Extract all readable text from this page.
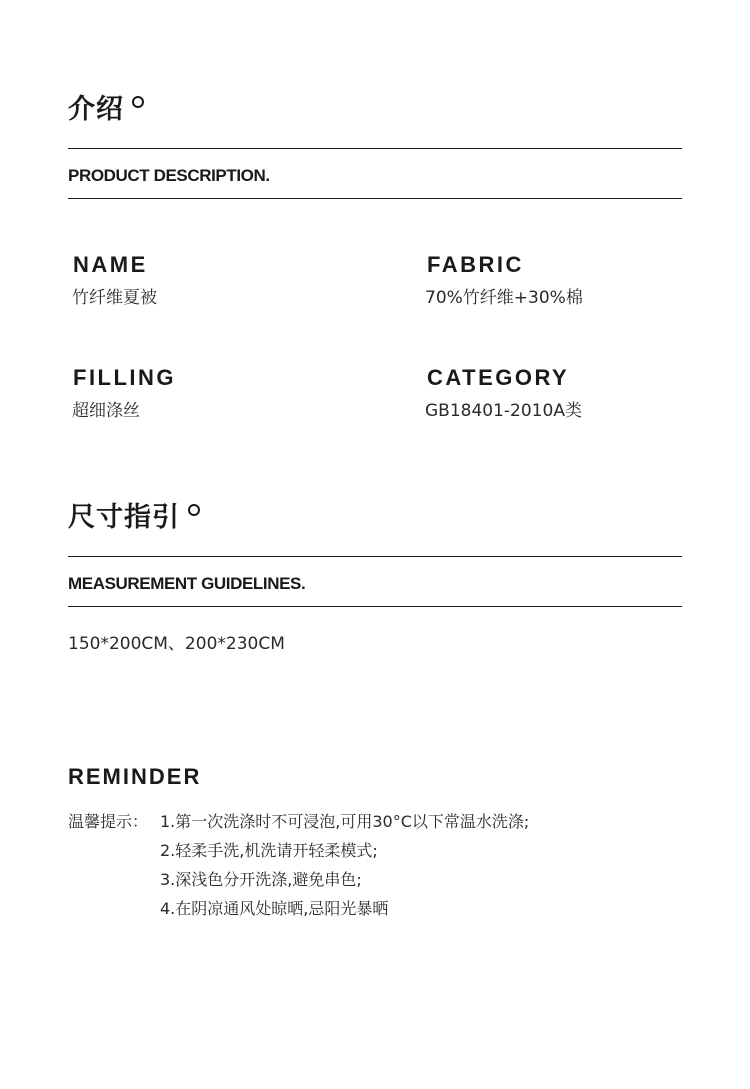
介绍
PRODUCT DESCRIPTION.
NAME
竹纤维夏被
FABRIC
70%竹纤维+30%棉
FILLING
超细涤丝
CATEGORY
GB18401-2010A类
尺寸指引
MEASUREMENT GUIDELINES.
150*200CM、200*230CM
REMINDER
温馨提示： 1.第一次洗涤时不可浸泡,可用30°C以下常温水洗涤;
2.轻柔手洗,机洗请开轻柔模式;
3.深浅色分开洗涤,避免串色;
4.在阴凉通风处晾晒,忌阳光暴晒
